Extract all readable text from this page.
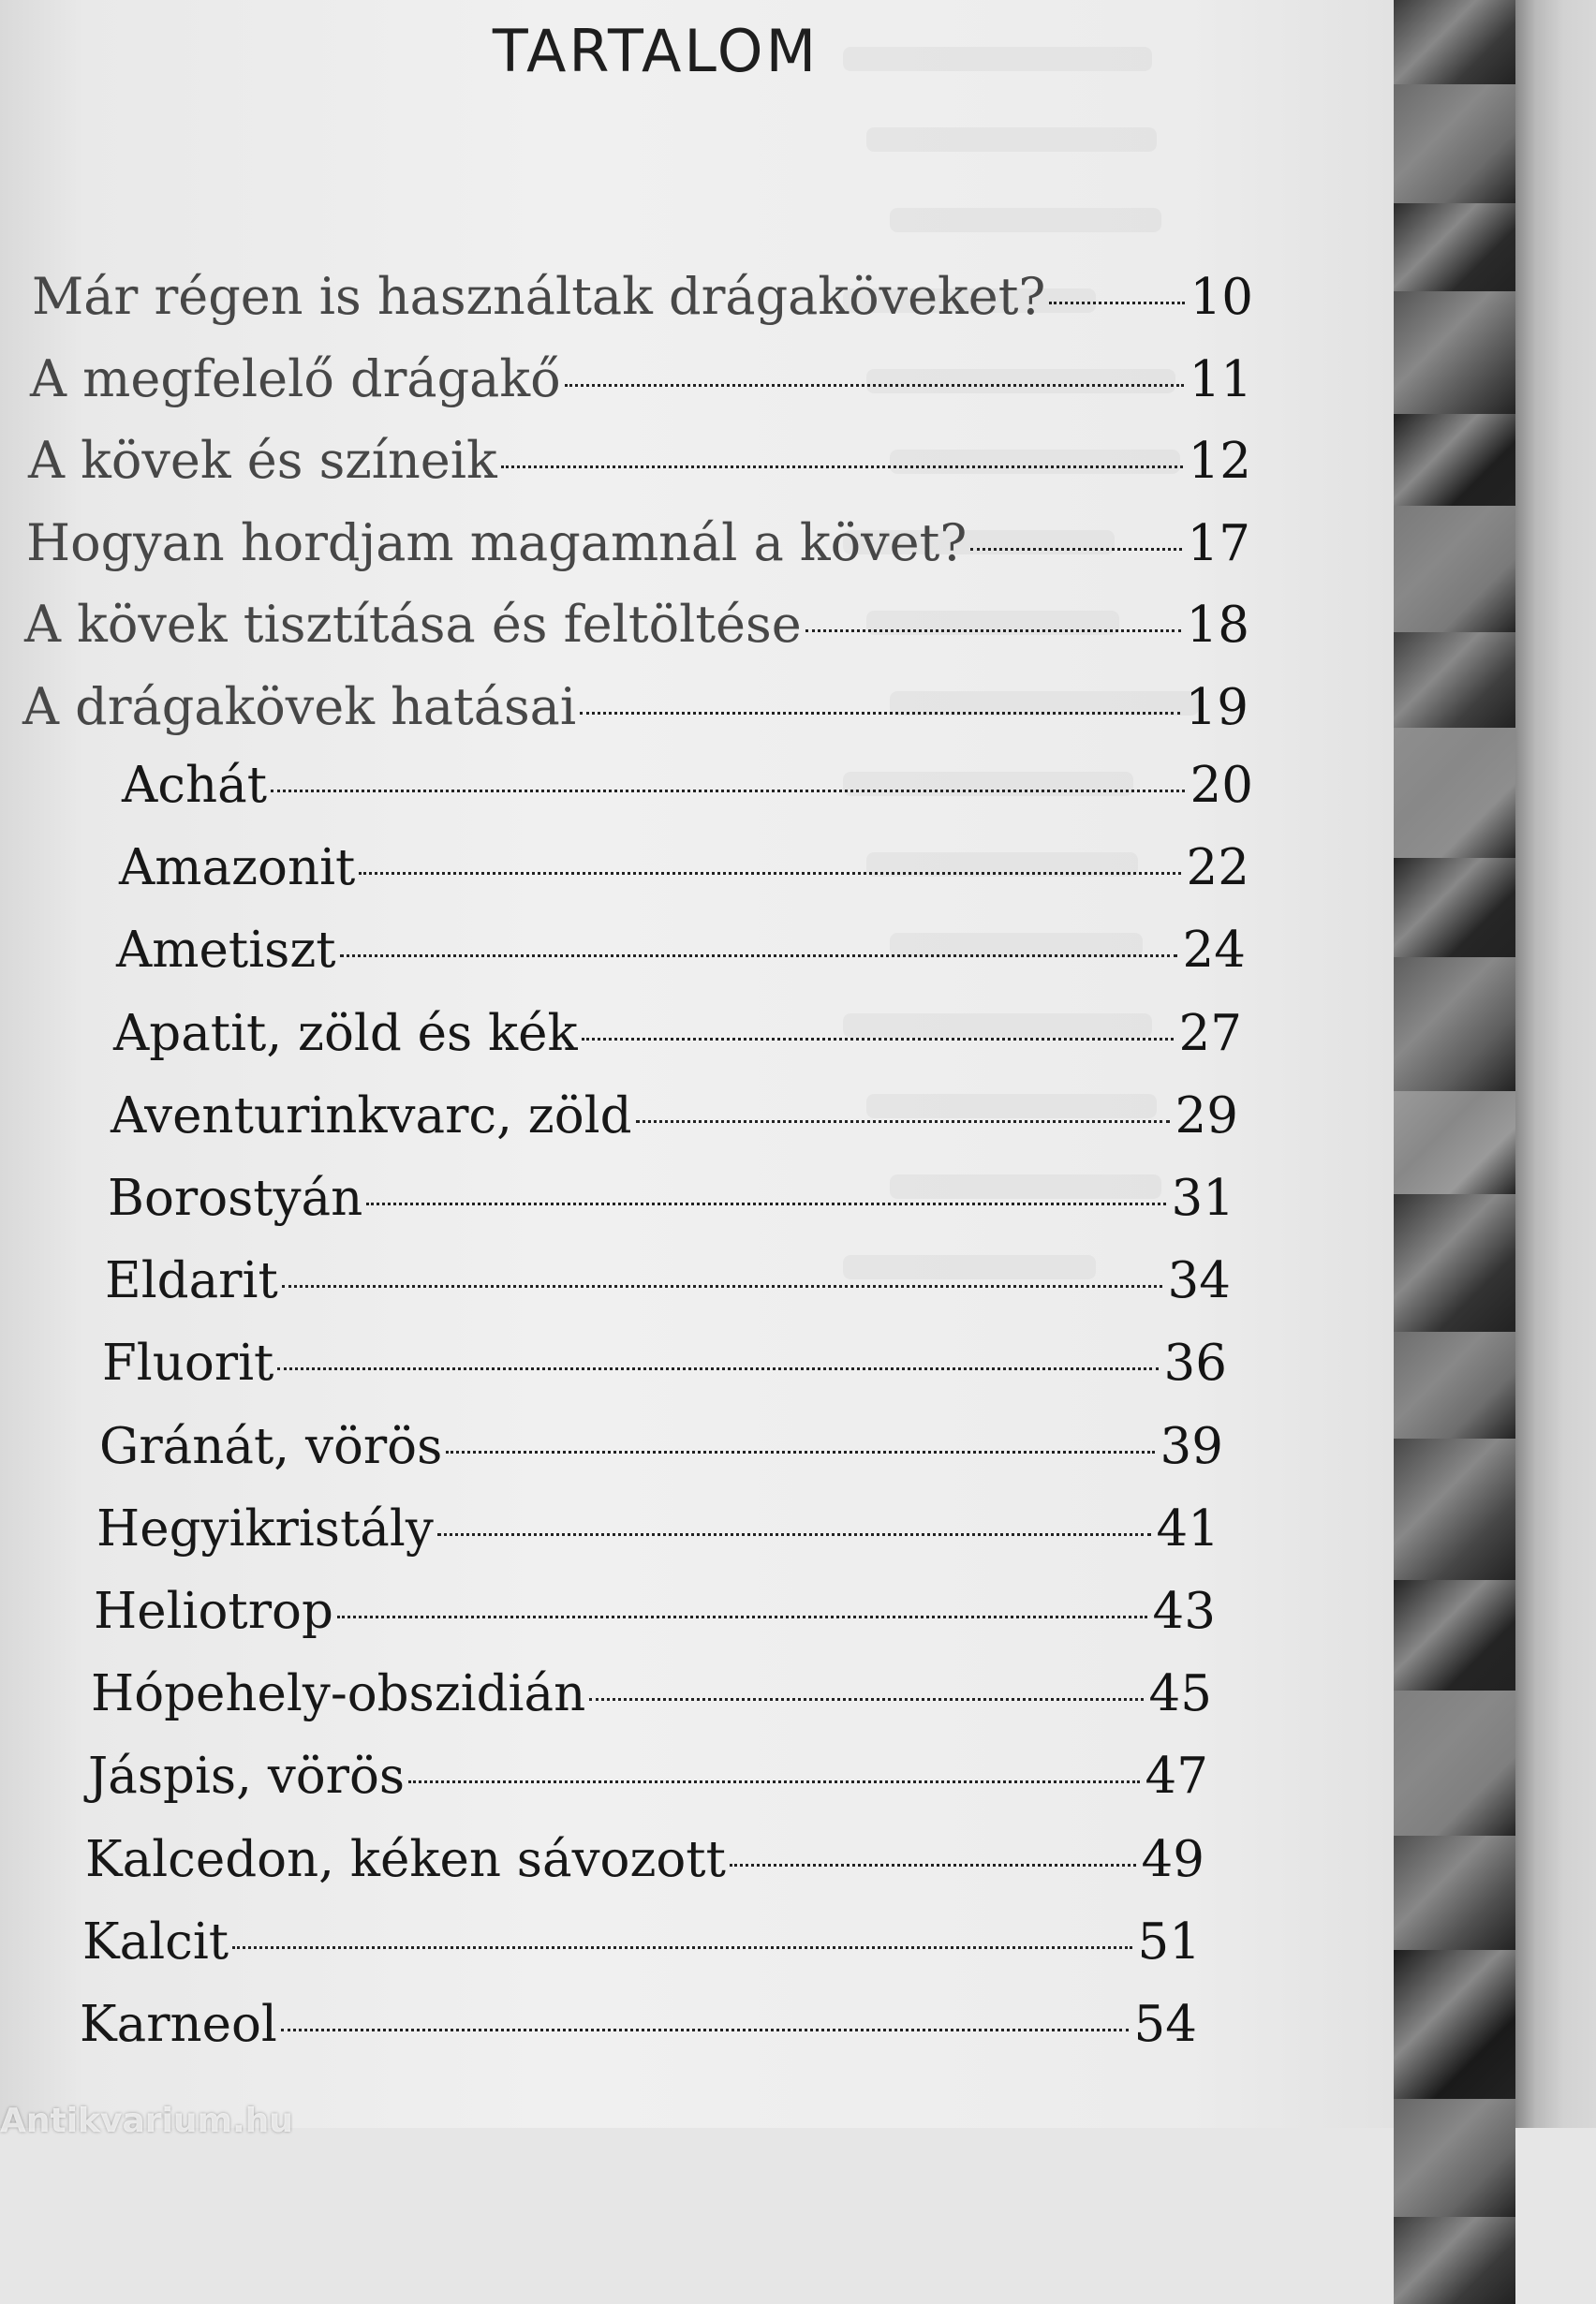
TARTALOM
Már régen is használtak drágaköveket?	10
A megfelelő drágakő	11
A kövek és színeik	12
Hogyan hordjam magamnál a követ?	17
A kövek tisztítása és feltöltése	18
A drágakövek hatásai	19
Achát	20
Amazonit	22
Ametiszt	24
Apatit, zöld és kék	27
Aventurinkvarc, zöld	29
Borostyán	31
Eldarit	34
Fluorit	36
Gránát, vörös	39
Hegyikristály	41
Heliotrop	43
Hópehely-obszidián	45
Jáspis, vörös	47
Kalcedon, kéken sávozott	49
Kalcit	51
Karneol	54
Antikvarium.hu
